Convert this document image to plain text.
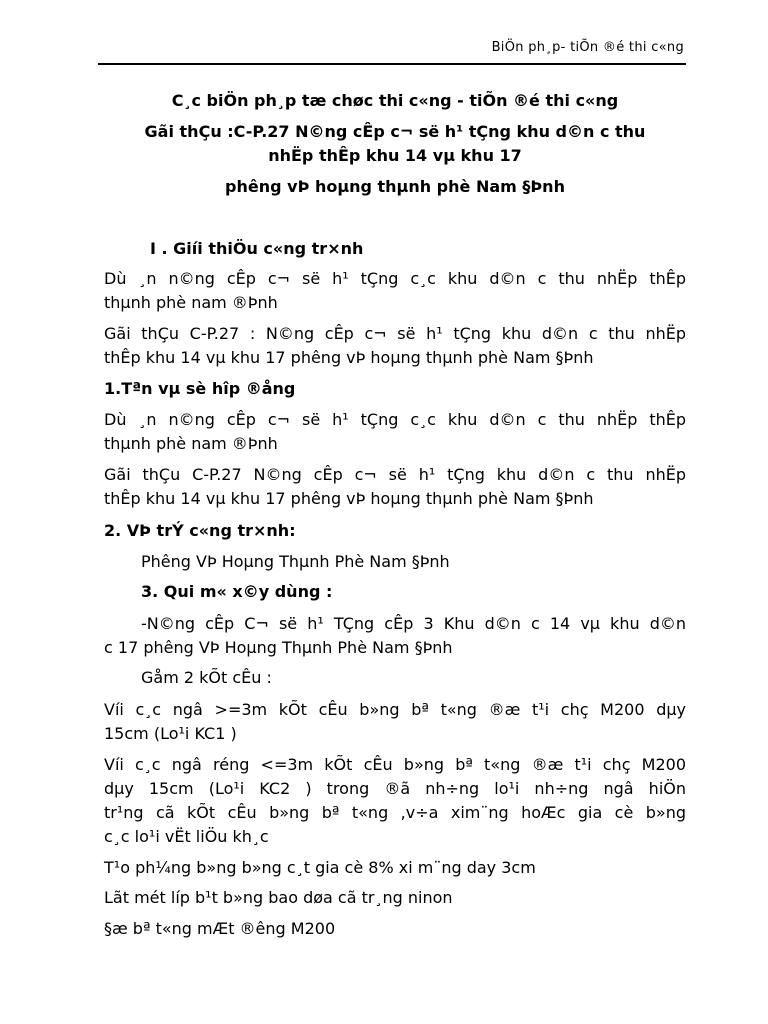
BiÖn ph¸p- tiÕn ®é thi c«ng
C¸c biÖn ph¸p tæ chøc thi c«ng - tiÕn ®é thi c«ng
Gãi thÇu :C-P.27 N©ng cÊp c¬ së h¹ tÇng khu d©n c thu
nhËp thÊp khu 14 vµ khu 17
phêng vÞ hoµng thµnh phè Nam §Þnh
I . Giíi thiÖu c«ng tr×nh
Dù ¸n n©ng cÊp c¬ së h¹ tÇng c¸c khu d©n c thu nhËp thÊp
thµnh phè nam ®Þnh
Gãi thÇu C-P.27 : N©ng cÊp c¬ së h¹ tÇng khu d©n c thu nhËp
thÊp khu 14 vµ khu 17 phêng vÞ hoµng thµnh phè Nam §Þnh
1.Tªn vµ sè hîp ®ång
Dù ¸n n©ng cÊp c¬ së h¹ tÇng c¸c khu d©n c thu nhËp thÊp
thµnh phè nam ®Þnh
Gãi thÇu C-P.27 N©ng cÊp c¬ së h¹ tÇng khu d©n c thu nhËp
thÊp khu 14 vµ khu 17 phêng vÞ hoµng thµnh phè Nam §Þnh
2. VÞ trÝ c«ng tr×nh:
Phêng VÞ Hoµng Thµnh Phè Nam §Þnh
3. Qui m« x©y dùng :
-N©ng cÊp C¬ së h¹ TÇng cÊp 3 Khu d©n c 14 vµ khu d©n
c 17 phêng VÞ Hoµng Thµnh Phè Nam §Þnh
Gåm 2 kÕt cÊu :
Víi c¸c ngâ >=3m kÕt cÊu b»ng bª t«ng ®æ t¹i chç M200 dµy
15cm (Lo¹i KC1 )
Víi c¸c ngâ réng <=3m kÕt cÊu b»ng bª t«ng ®æ t¹i chç M200
dµy 15cm (Lo¹i KC2 ) trong ®ã nh÷ng lo¹i nh÷ng ngâ hiÖn
tr¹ng cã kÕt cÊu b»ng bª t«ng ,v÷a xim¨ng hoÆc gia cè b»ng
c¸c lo¹i vËt liÖu kh¸c
T¹o ph¼ng b»ng b»ng c¸t gia cè 8% xi m¨ng day 3cm
Lãt mét líp b¹t b»ng bao døa cã tr¸ng ninon
§æ bª t«ng mÆt ®êng M200
